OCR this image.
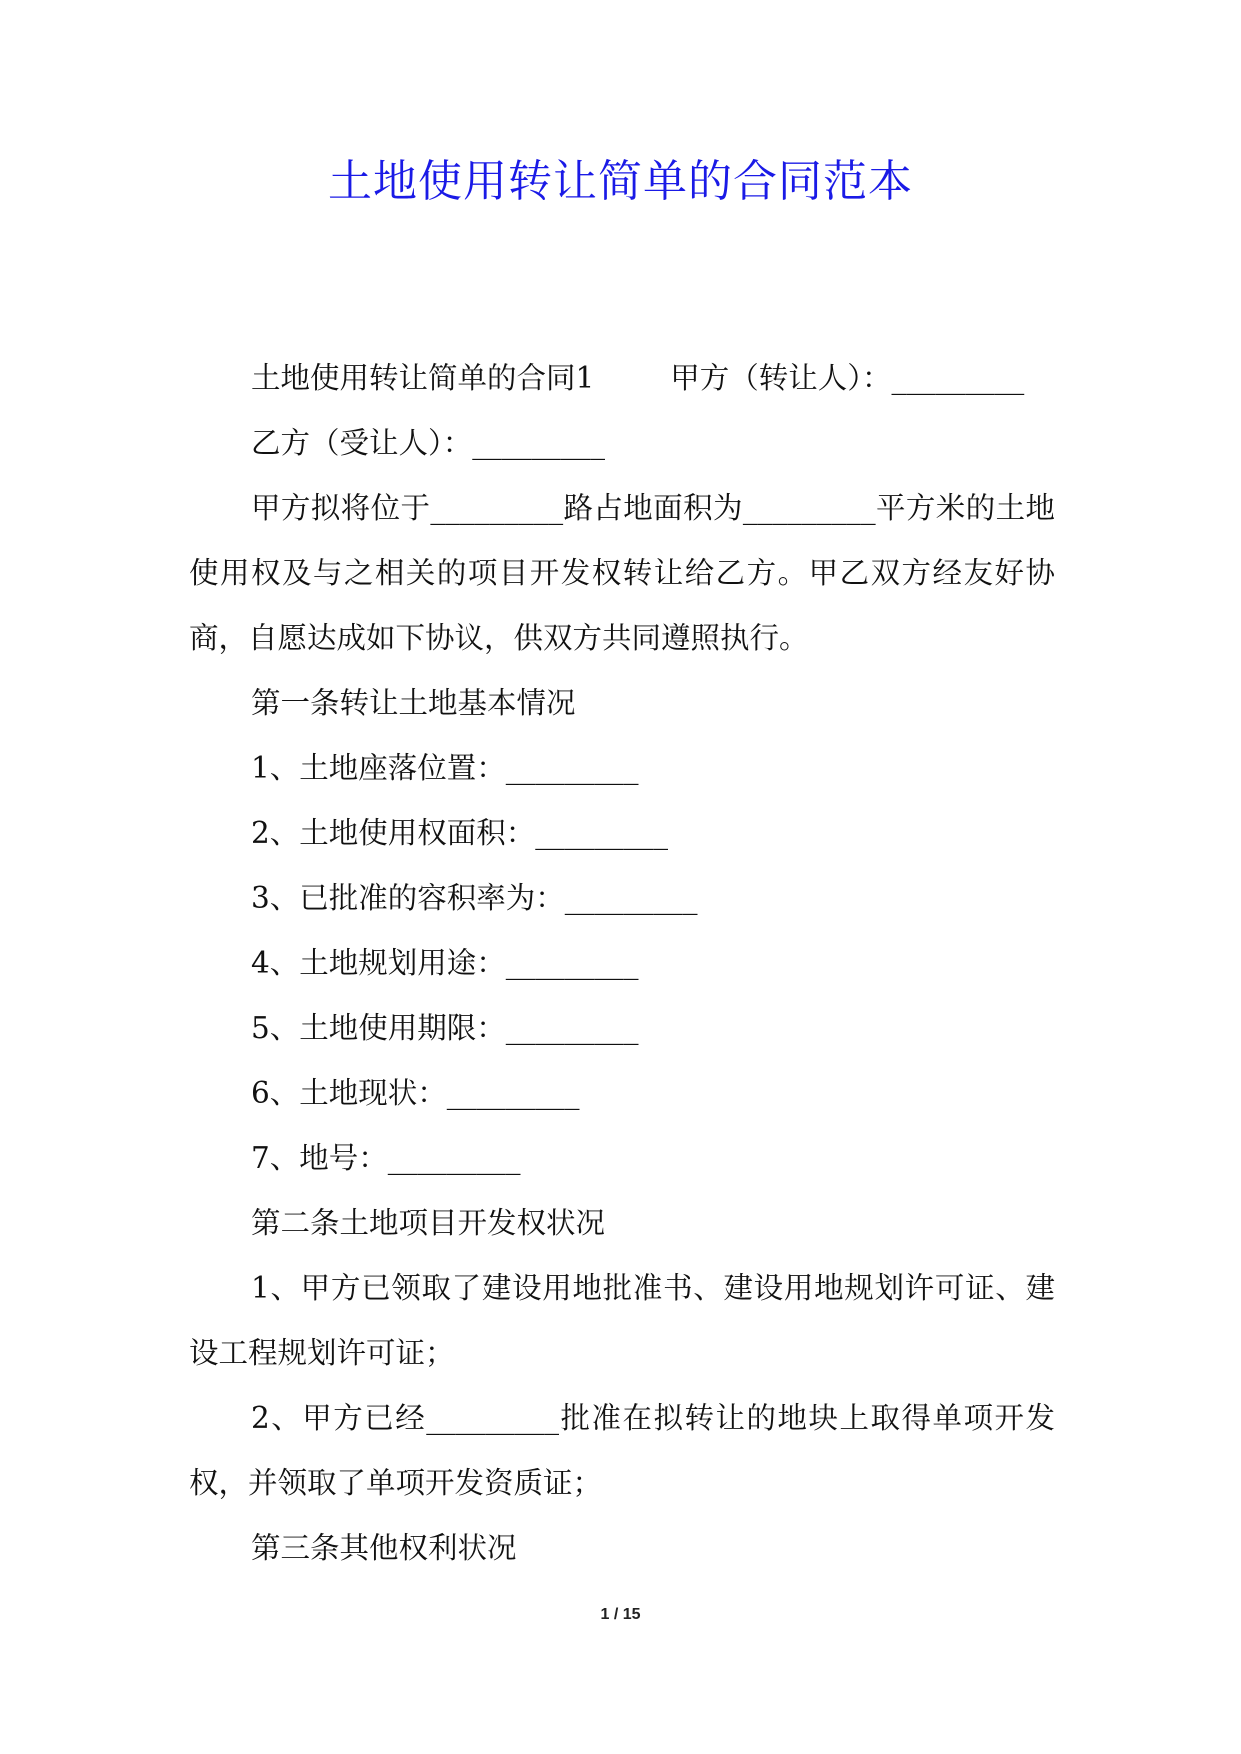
土地使用转让简单的合同范本

土地使用转让简单的合同1	甲方（转让人）：_________

乙方（受让人）：_________

甲方拟将位于_________路占地面积为_________平方米的土地使用权及与之相关的项目开发权转让给乙方。甲乙双方经友好协商，自愿达成如下协议，供双方共同遵照执行。

第一条转让土地基本情况

1、土地座落位置：_________

2、土地使用权面积：_________

3、已批准的容积率为：_________

4、土地规划用途：_________

5、土地使用期限：_________

6、土地现状：_________

7、地号：_________

第二条土地项目开发权状况

1、甲方已领取了建设用地批准书、建设用地规划许可证、建设工程规划许可证；

2、甲方已经_________批准在拟转让的地块上取得单项开发权，并领取了单项开发资质证；

第三条其他权利状况

1 / 15
